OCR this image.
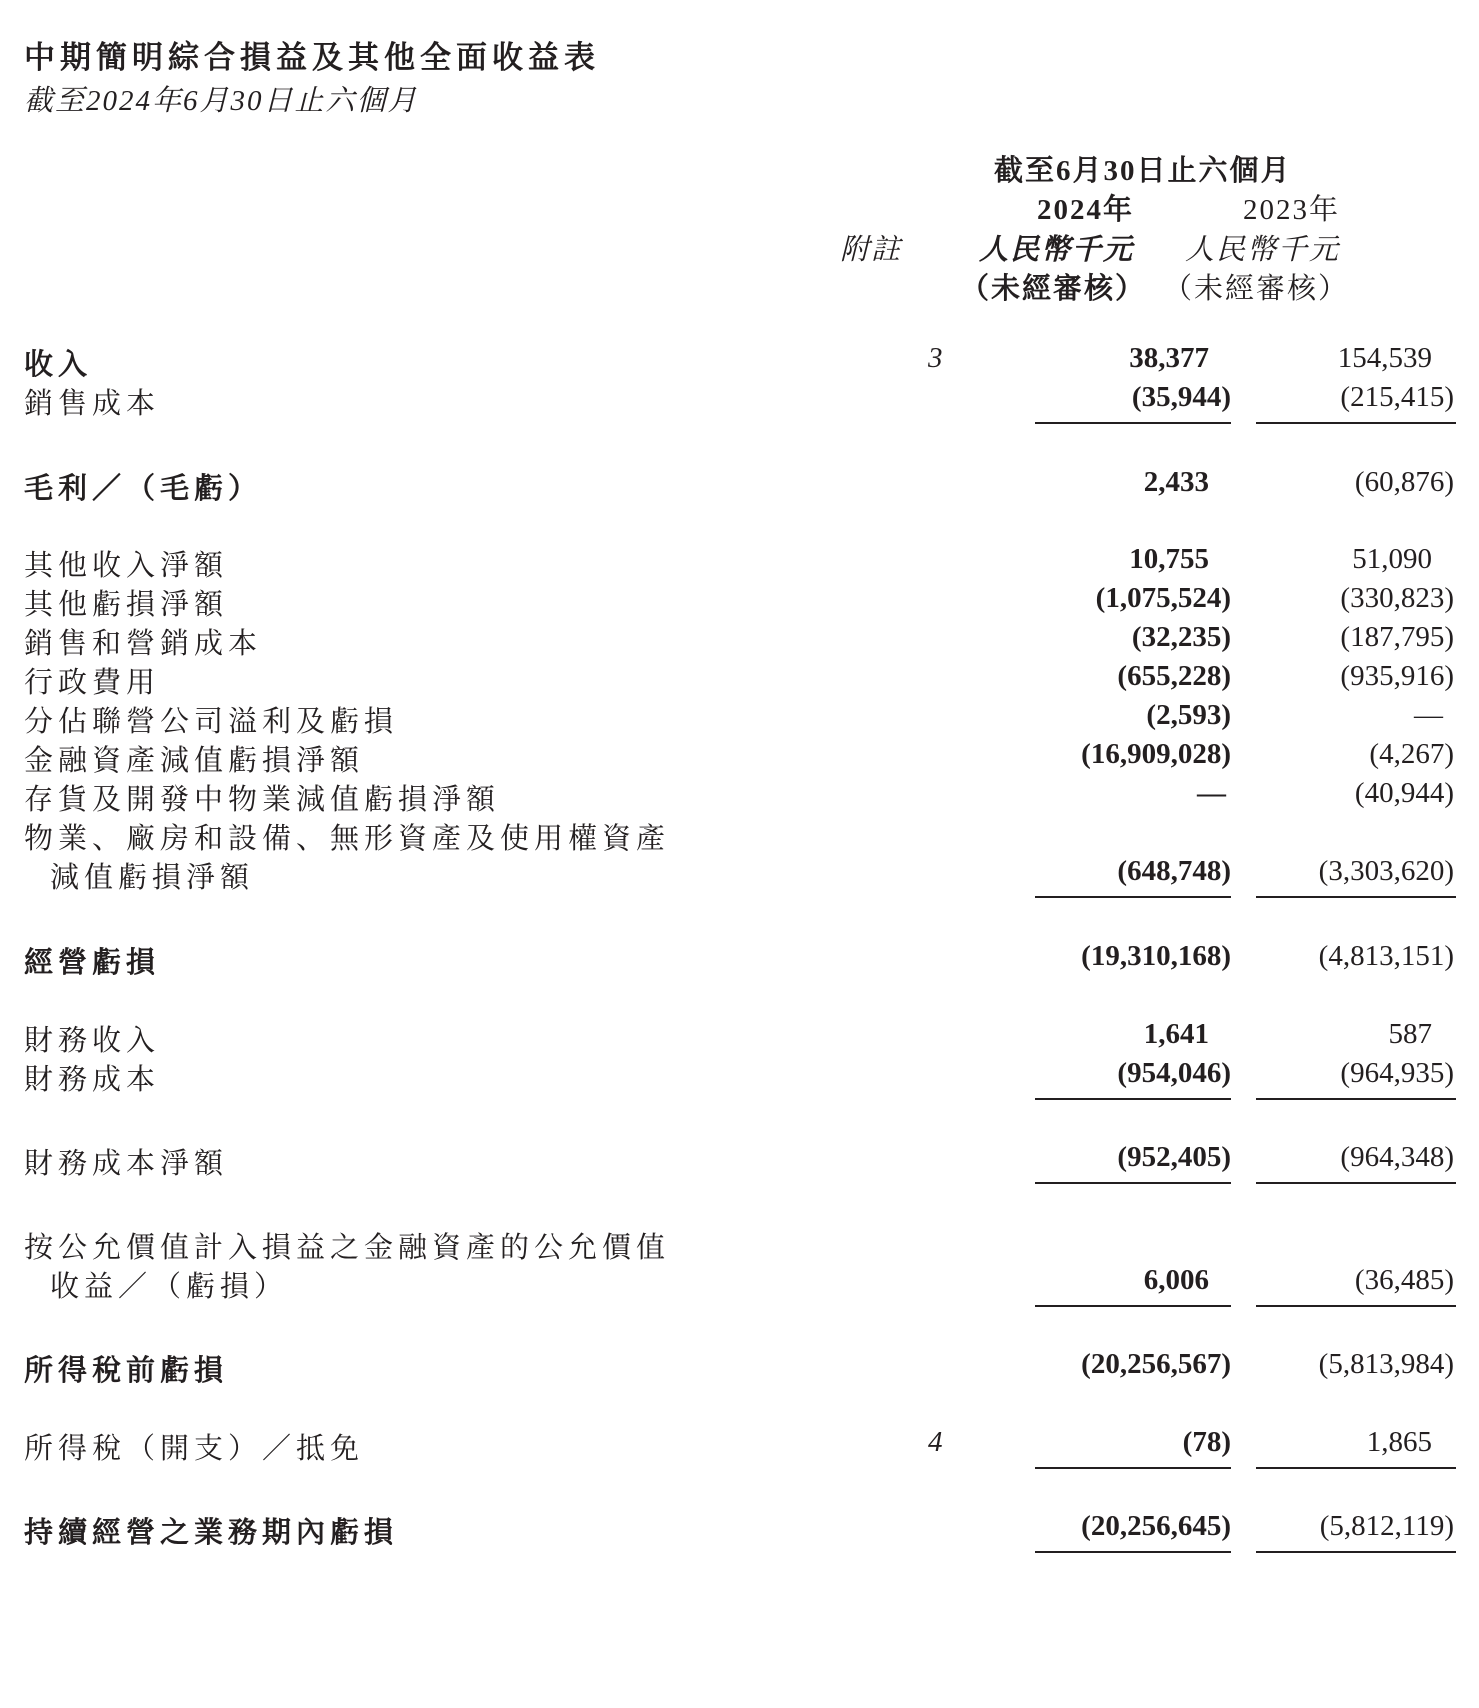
中期簡明綜合損益及其他全面收益表
截至2024年6月30日止六個月
截至6月30日止六個月
2024年	2023年
附註	人民幣千元 人民幣千元
（未經審核） （未經審核）
收入	3	38,377	154,539
銷售成本	(35,944)	(215,415)
毛利／（毛虧）	2,433	(60,876)
其他收入淨額	10,755	51,090
其他虧損淨額	(1,075,524)	(330,823)
銷售和營銷成本	(32,235)	(187,795)
行政費用	(655,228)	(935,916)
分佔聯營公司溢利及虧損	(2,593)	—
金融資產減值虧損淨額	(16,909,028)	(4,267)
存貨及開發中物業減值虧損淨額	—	(40,944)
物業、廠房和設備、無形資產及使用權資產
減值虧損淨額	(648,748)	(3,303,620)
經營虧損	(19,310,168)	(4,813,151)
財務收入	1,641	587
財務成本	(954,046)	(964,935)
財務成本淨額	(952,405)	(964,348)
按公允價值計入損益之金融資產的公允價值
收益／（虧損）	6,006	(36,485)
所得稅前虧損	(20,256,567)	(5,813,984)
所得稅（開支）／抵免	4	(78)	1,865
持續經營之業務期內虧損	(20,256,645)	(5,812,119)
